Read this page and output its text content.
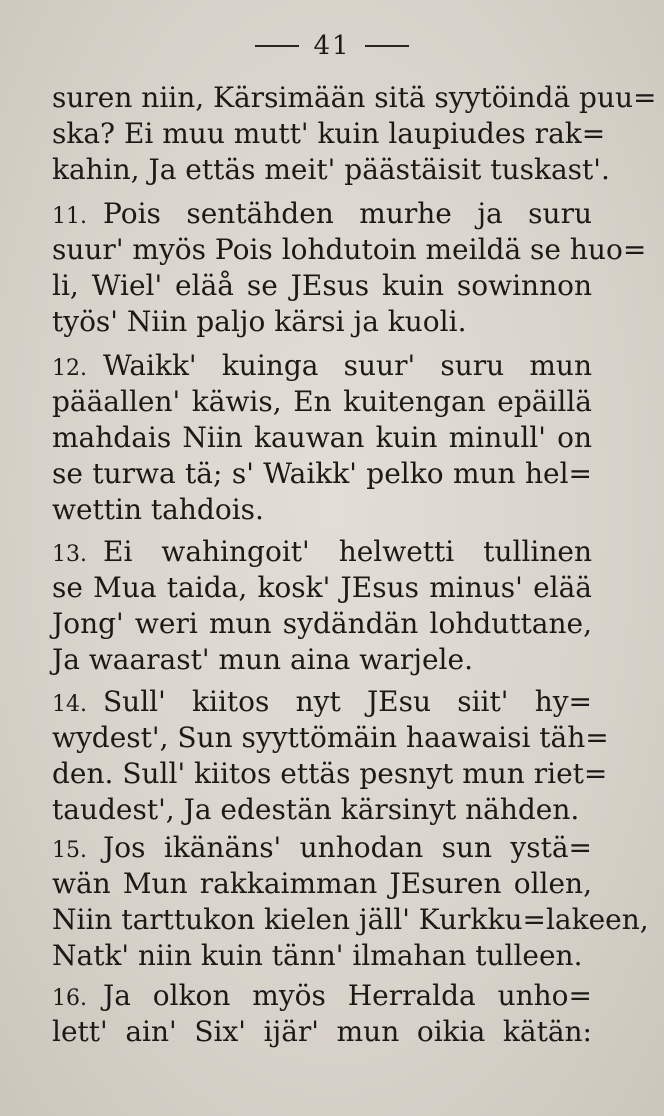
41
suren niin, Kärsimään sitä syytöindä puu=
ska? Ei muu mutt' kuin laupiudes rak=
kahin, Ja ettäs meit' päästäisit tuskast'.
11. Pois sentähden murhe ja suru
suur' myös Pois lohdutoin meildä se huo=
li, Wiel' eläå se JEsus kuin sowinnon
työs' Niin paljo kärsi ja kuoli.
12. Waikk' kuinga suur' suru mun
pääallen' käwis, En kuitengan epäillä
mahdais Niin kauwan kuin minull' on
se turwa tä; s' Waikk' pelko mun hel=
wettin tahdois.
13. Ei wahingoit' helwetti tullinen
se Mua taida, kosk' JEsus minus' elää
Jong' weri mun sydändän lohduttane,
Ja waarast' mun aina warjele.
14. Sull' kiitos nyt JEsu siit' hy=
wydest', Sun syyttömäin haawaisi täh=
den. Sull' kiitos ettäs pesnyt mun riet=
taudest', Ja edestän kärsinyt nähden.
15. Jos ikänäns' unhodan sun ystä=
wän Mun rakkaimman JEsuren ollen,
Niin tarttukon kielen jäll' Kurkku=lakeen,
Natk' niin kuin tänn' ilmahan tulleen.
16. Ja olkon myös Herralda unho=
lett' ain' Six' ijär' mun oikia kätän:
